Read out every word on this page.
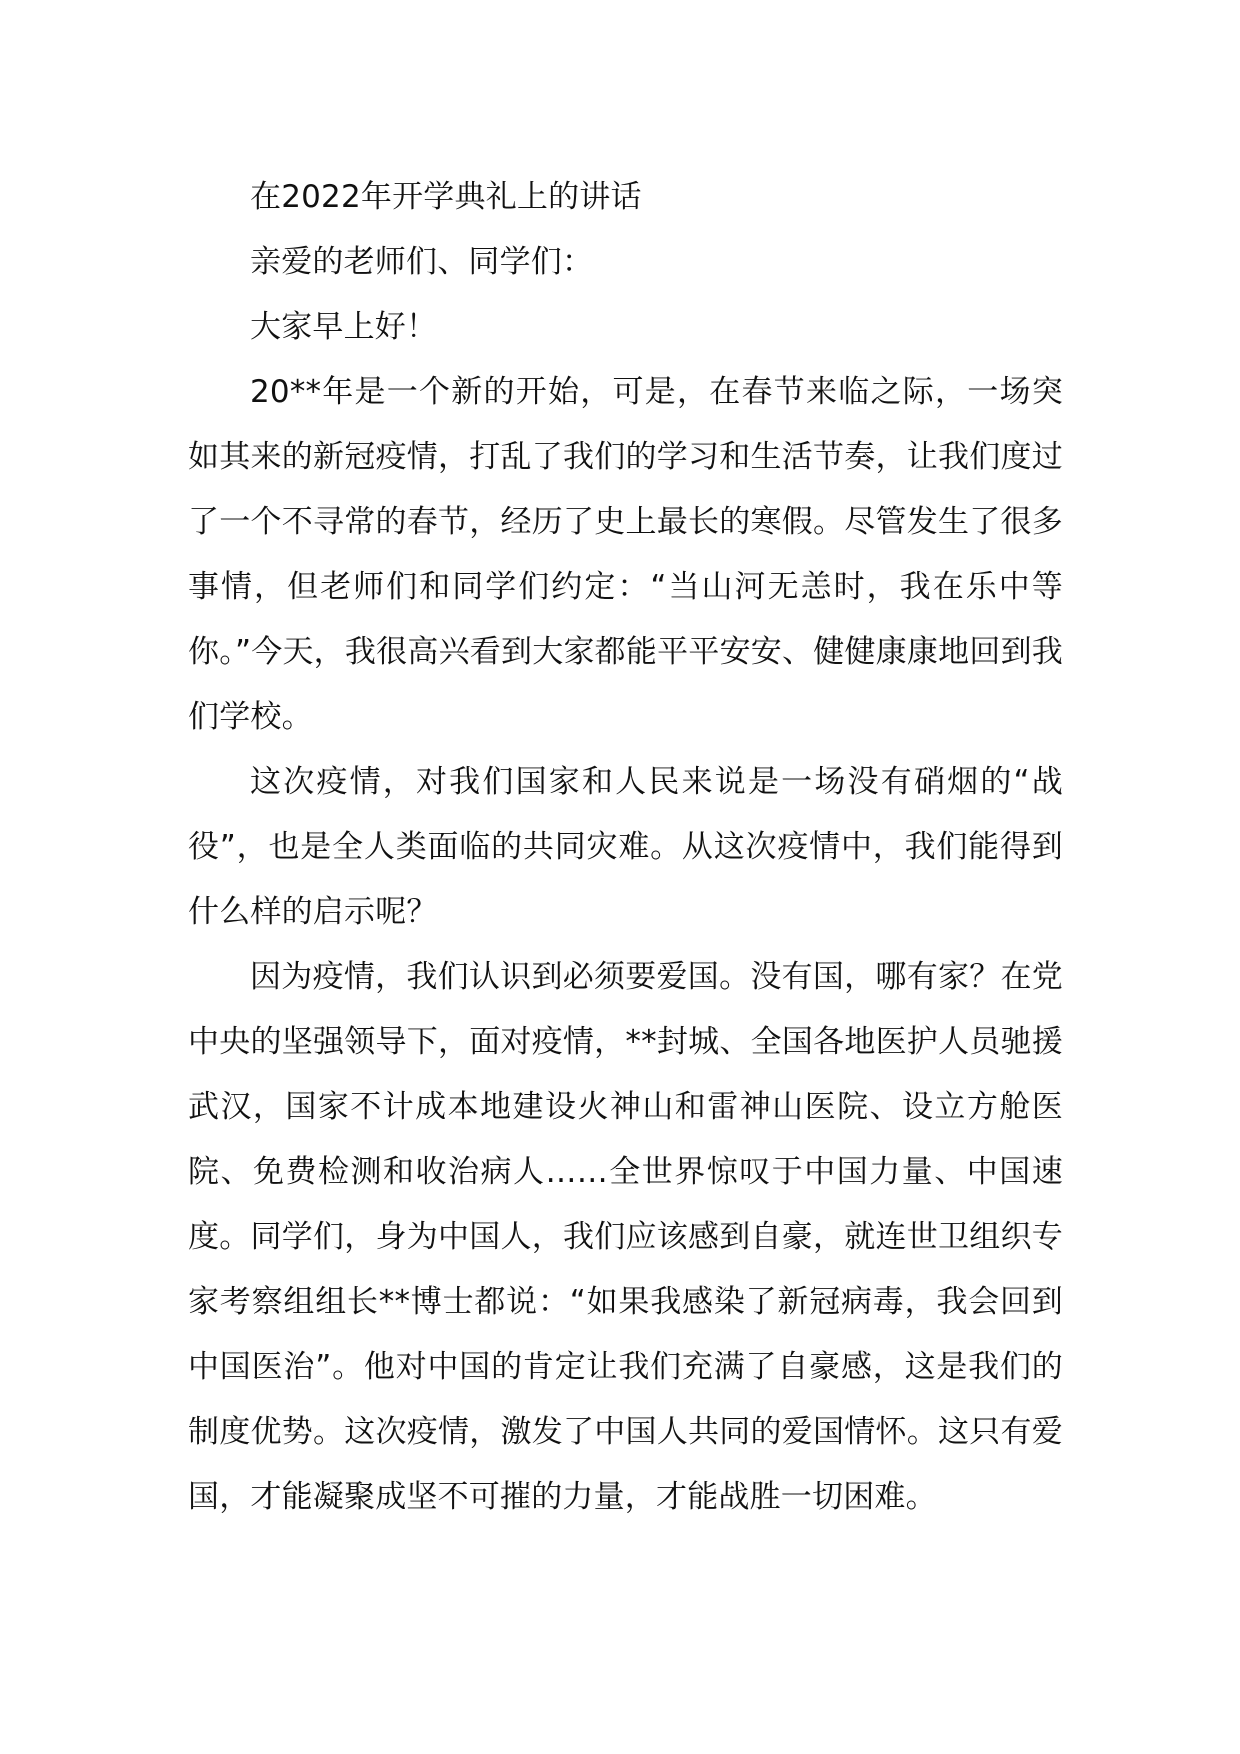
在2022年开学典礼上的讲话

亲爱的老师们、同学们：

大家早上好！

20**年是一个新的开始，可是，在春节来临之际，一场突如其来的新冠疫情，打乱了我们的学习和生活节奏，让我们度过了一个不寻常的春节，经历了史上最长的寒假。尽管发生了很多事情，但老师们和同学们约定：“当山河无恙时，我在乐中等你。”今天，我很高兴看到大家都能平平安安、健健康康地回到我们学校。

这次疫情，对我们国家和人民来说是一场没有硝烟的“战役”，也是全人类面临的共同灾难。从这次疫情中，我们能得到什么样的启示呢？

因为疫情，我们认识到必须要爱国。没有国，哪有家？在党中央的坚强领导下，面对疫情，**封城、全国各地医护人员驰援武汉，国家不计成本地建设火神山和雷神山医院、设立方舱医院、免费检测和收治病人……全世界惊叹于中国力量、中国速度。同学们，身为中国人，我们应该感到自豪，就连世卫组织专家考察组组长**博士都说：“如果我感染了新冠病毒，我会回到中国医治”。他对中国的肯定让我们充满了自豪感，这是我们的制度优势。这次疫情，激发了中国人共同的爱国情怀。这只有爱国，才能凝聚成坚不可摧的力量，才能战胜一切困难。
